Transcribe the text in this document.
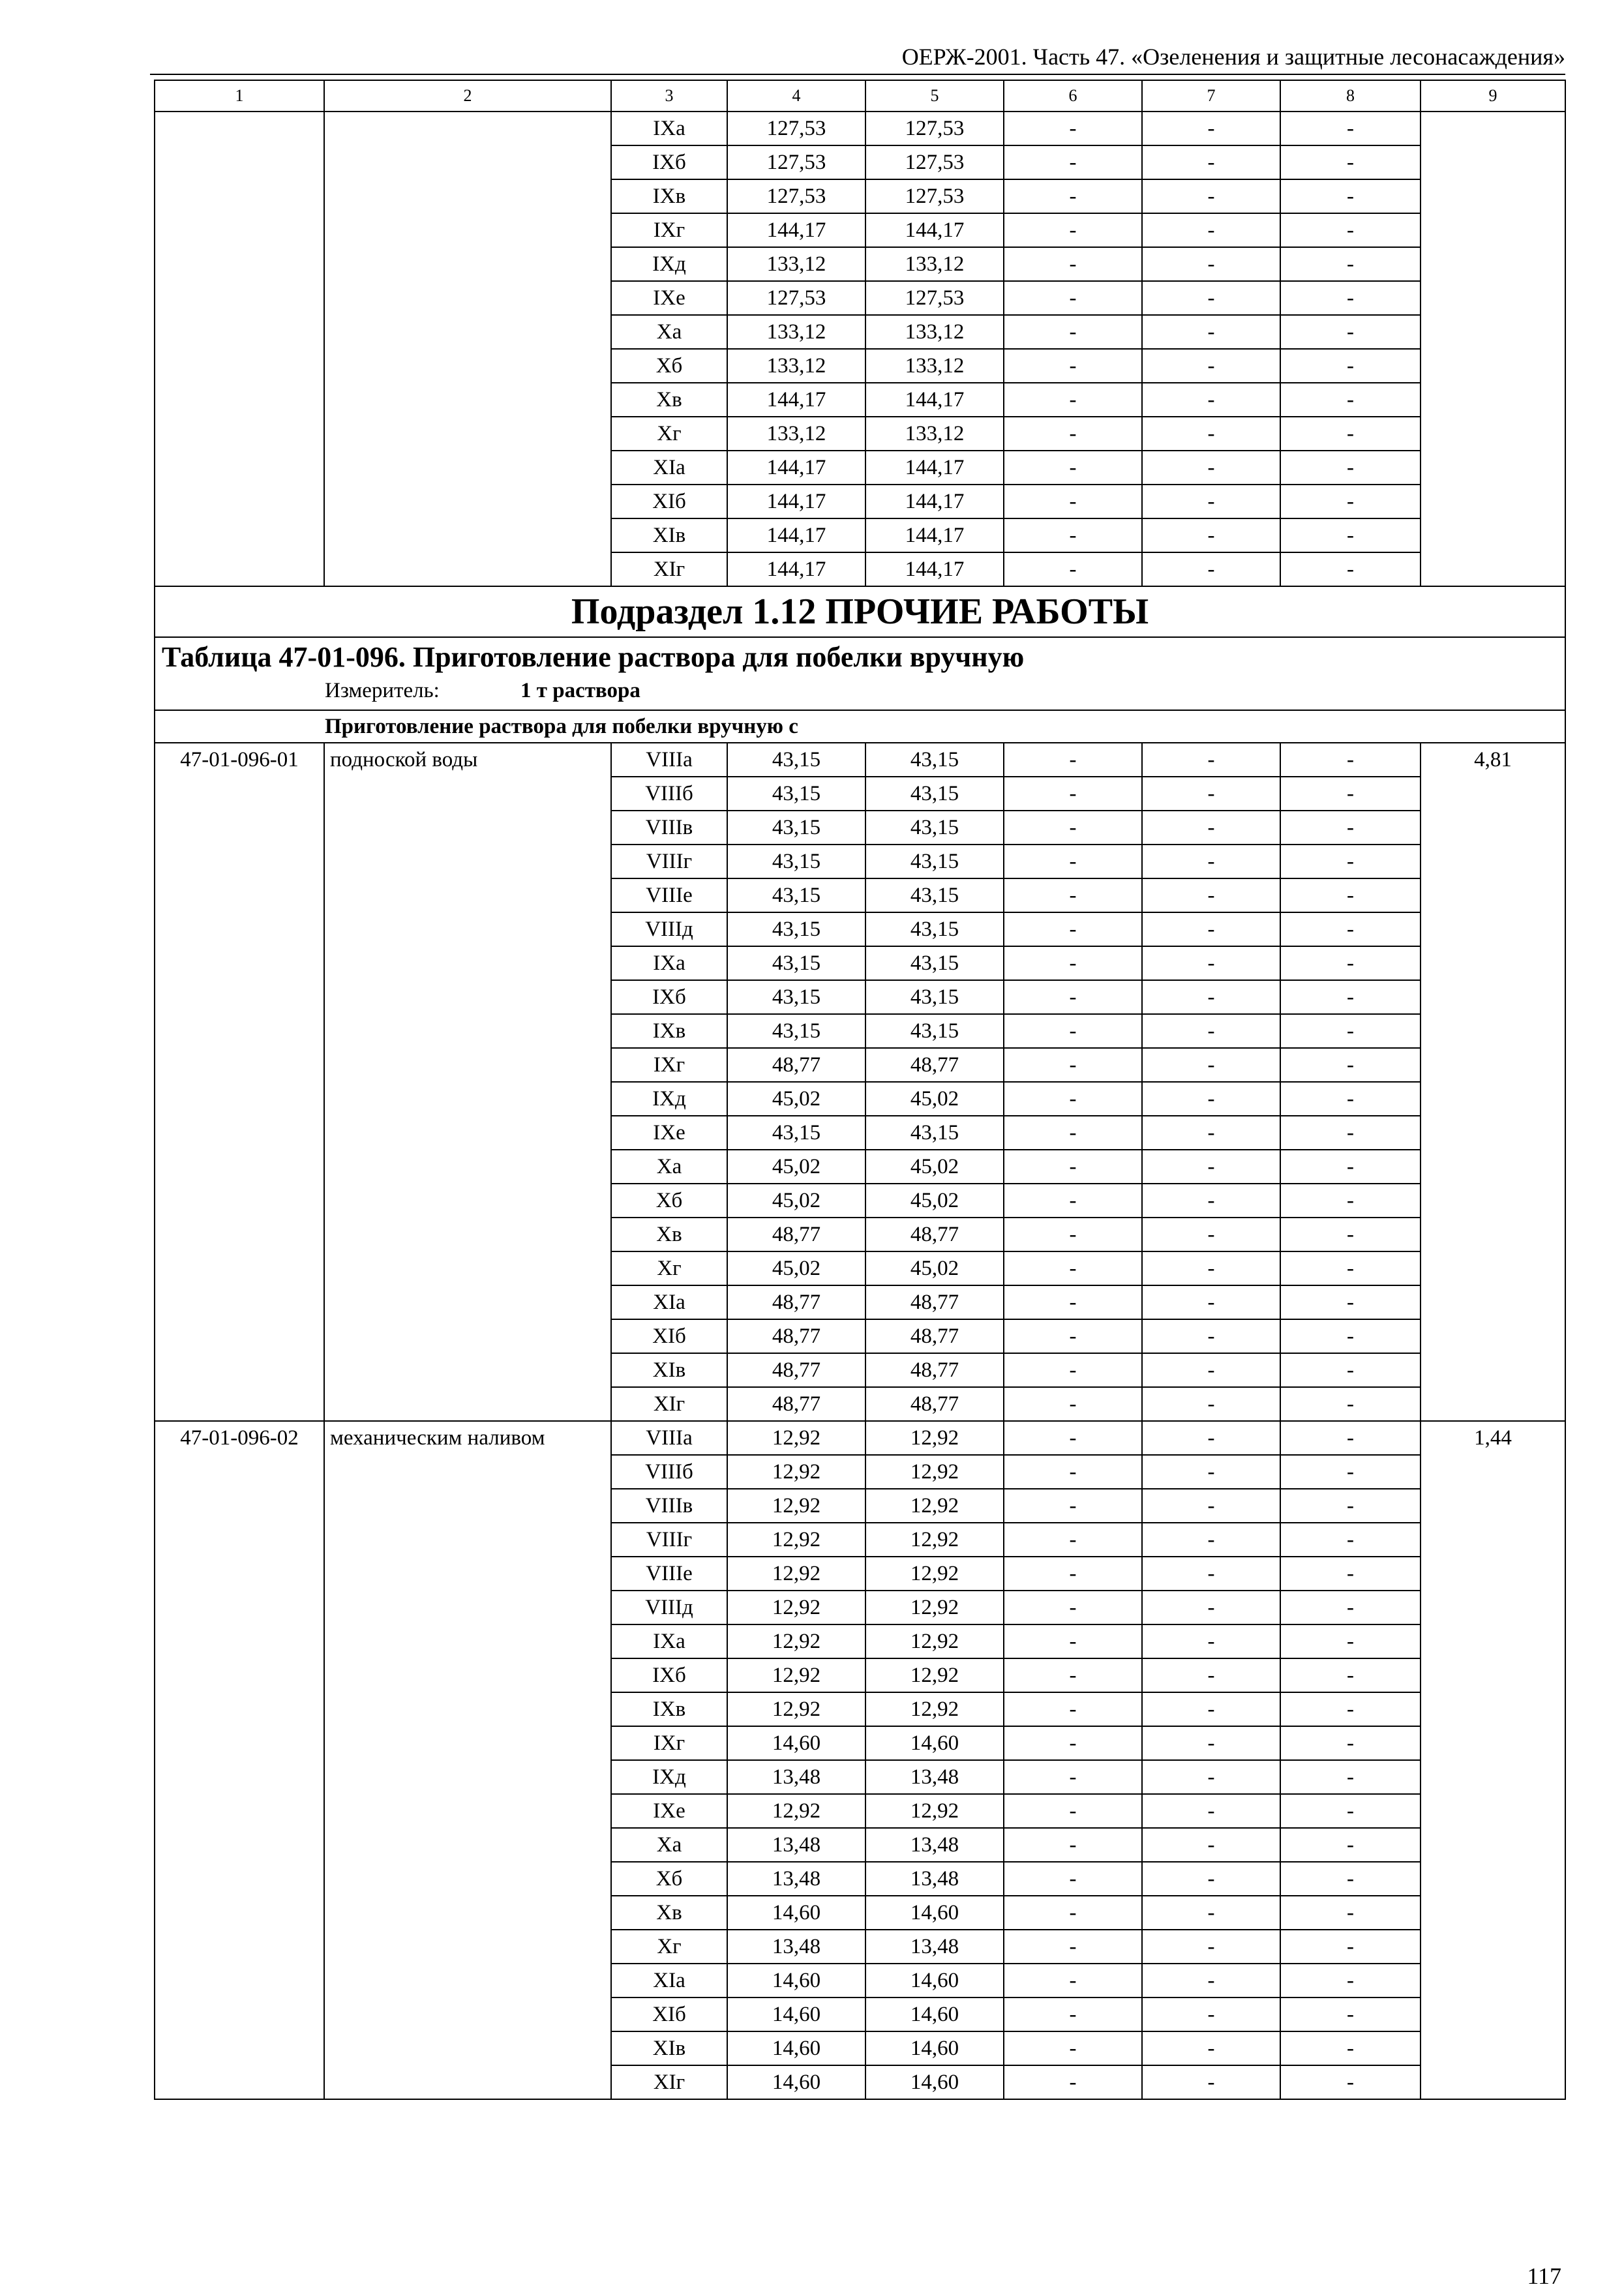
ОЕРЖ-2001. Часть 47. «Озеленения и защитные лесонасаждения»
1	2	3	4	5	6	7	8	9
		IXa	127,53	127,53	-	-	-	
		IXб	127,53	127,53	-	-	-	
		IXв	127,53	127,53	-	-	-	
		IXг	144,17	144,17	-	-	-	
		IXд	133,12	133,12	-	-	-	
		IXе	127,53	127,53	-	-	-	
		Xa	133,12	133,12	-	-	-	
		Xб	133,12	133,12	-	-	-	
		Xв	144,17	144,17	-	-	-	
		Xг	133,12	133,12	-	-	-	
		XIa	144,17	144,17	-	-	-	
		XIб	144,17	144,17	-	-	-	
		XIв	144,17	144,17	-	-	-	
		XIг	144,17	144,17	-	-	-	
Подраздел 1.12 ПРОЧИЕ РАБОТЫ								

Таблица 47-01-096. Приготовление раствора для побелки вручную
Измеритель: 1 т раствора								

Приготовление раствора для побелки вручную с								
47-01-096-01	подноской воды	VIIIa	43,15	43,15	-	-	-	4,81
		VIIIб	43,15	43,15	-	-	-	
		VIIIв	43,15	43,15	-	-	-	
		VIIIг	43,15	43,15	-	-	-	
		VIIIе	43,15	43,15	-	-	-	
		VIIIд	43,15	43,15	-	-	-	
		IXa	43,15	43,15	-	-	-	
		IXб	43,15	43,15	-	-	-	
		IXв	43,15	43,15	-	-	-	
		IXг	48,77	48,77	-	-	-	
		IXд	45,02	45,02	-	-	-	
		IXе	43,15	43,15	-	-	-	
		Xa	45,02	45,02	-	-	-	
		Xб	45,02	45,02	-	-	-	
		Xв	48,77	48,77	-	-	-	
		Xг	45,02	45,02	-	-	-	
		XIa	48,77	48,77	-	-	-	
		XIб	48,77	48,77	-	-	-	
		XIв	48,77	48,77	-	-	-	
		XIг	48,77	48,77	-	-	-	
47-01-096-02	механическим наливом	VIIIa	12,92	12,92	-	-	-	1,44
		VIIIб	12,92	12,92	-	-	-	
		VIIIв	12,92	12,92	-	-	-	
		VIIIг	12,92	12,92	-	-	-	
		VIIIе	12,92	12,92	-	-	-	
		VIIIд	12,92	12,92	-	-	-	
		IXa	12,92	12,92	-	-	-	
		IXб	12,92	12,92	-	-	-	
		IXв	12,92	12,92	-	-	-	
		IXг	14,60	14,60	-	-	-	
		IXд	13,48	13,48	-	-	-	
		IXе	12,92	12,92	-	-	-	
		Xa	13,48	13,48	-	-	-	
		Xб	13,48	13,48	-	-	-	
		Xв	14,60	14,60	-	-	-	
		Xг	13,48	13,48	-	-	-	
		XIa	14,60	14,60	-	-	-	
		XIб	14,60	14,60	-	-	-	
		XIв	14,60	14,60	-	-	-	
		XIг	14,60	14,60	-	-	-	
117
